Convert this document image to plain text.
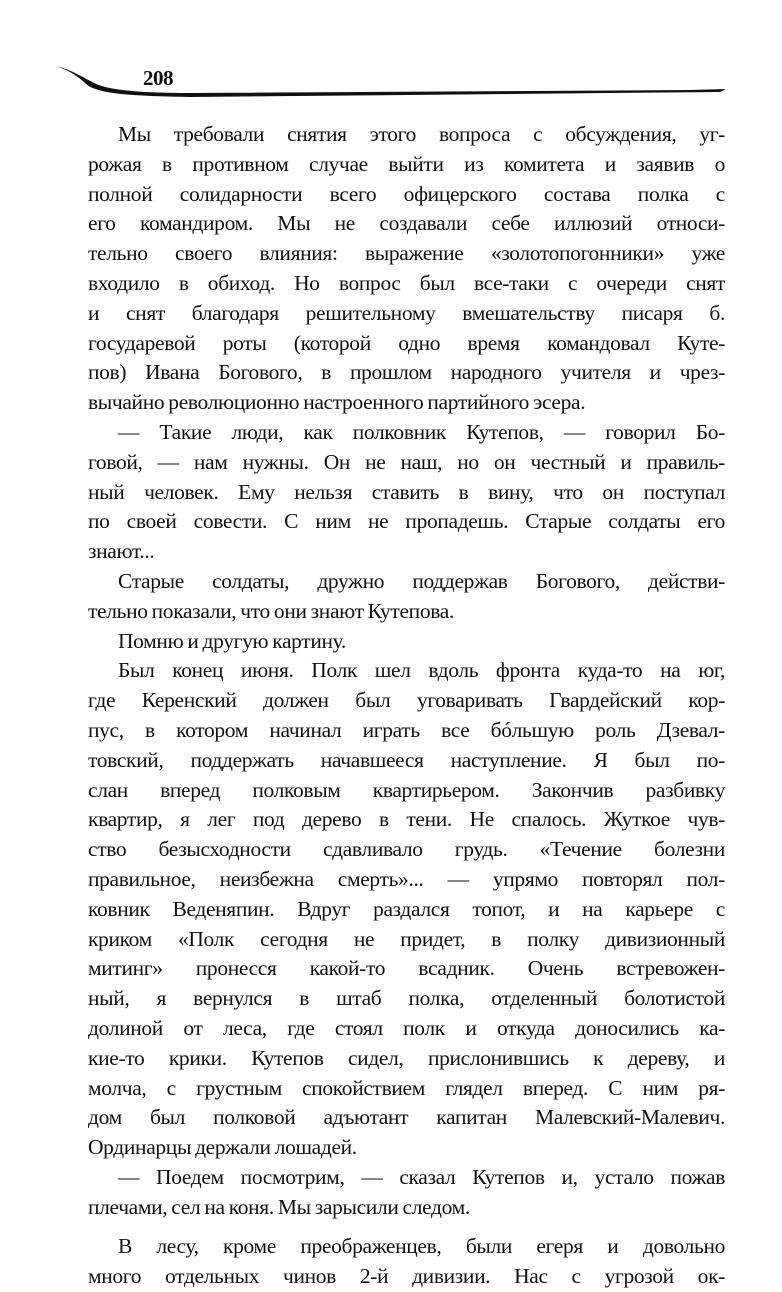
208
Мы требовали снятия этого вопроса с обсуждения, уг-
рожая в противном случае выйти из комитета и заявив о
полной солидарности всего офицерского состава полка с
его командиром. Мы не создавали себе иллюзий относи-
тельно своего влияния: выражение «золотопогонники» уже
входило в обиход. Но вопрос был все-таки с очереди снят
и снят благодаря решительному вмешательству писаря б.
государевой роты (которой одно время командовал Куте-
пов) Ивана Богового, в прошлом народного учителя и чрез-
вычайно революционно настроенного партийного эсера.
— Такие люди, как полковник Кутепов, — говорил Бо-
говой, — нам нужны. Он не наш, но он честный и правиль-
ный человек. Ему нельзя ставить в вину, что он поступал
по своей совести. С ним не пропадешь. Старые солдаты его
знают...
Старые солдаты, дружно поддержав Богового, действи-
тельно показали, что они знают Кутепова.
Помню и другую картину.
Был конец июня. Полк шел вдоль фронта куда-то на юг,
где Керенский должен был уговаривать Гвардейский кор-
пус, в котором начинал играть все бóльшую роль Дзевал-
товский, поддержать начавшееся наступление. Я был по-
слан вперед полковым квартирьером. Закончив разбивку
квартир, я лег под дерево в тени. Не спалось. Жуткое чув-
ство безысходности сдавливало грудь. «Течение болезни
правильное, неизбежна смерть»... — упрямо повторял пол-
ковник Веденяпин. Вдруг раздался топот, и на карьере с
криком «Полк сегодня не придет, в полку дивизионный
митинг» пронесся какой-то всадник. Очень встревожен-
ный, я вернулся в штаб полка, отделенный болотистой
долиной от леса, где стоял полк и откуда доносились ка-
кие-то крики. Кутепов сидел, прислонившись к дереву, и
молча, с грустным спокойствием глядел вперед. С ним ря-
дом был полковой адъютант капитан Малевский-Малевич.
Ординарцы держали лошадей.
— Поедем посмотрим, — сказал Кутепов и, устало пожав
плечами, сел на коня. Мы зарысили следом.
В лесу, кроме преображенцев, были егеря и довольно
много отдельных чинов 2-й дивизии. Нас с угрозой ок-
